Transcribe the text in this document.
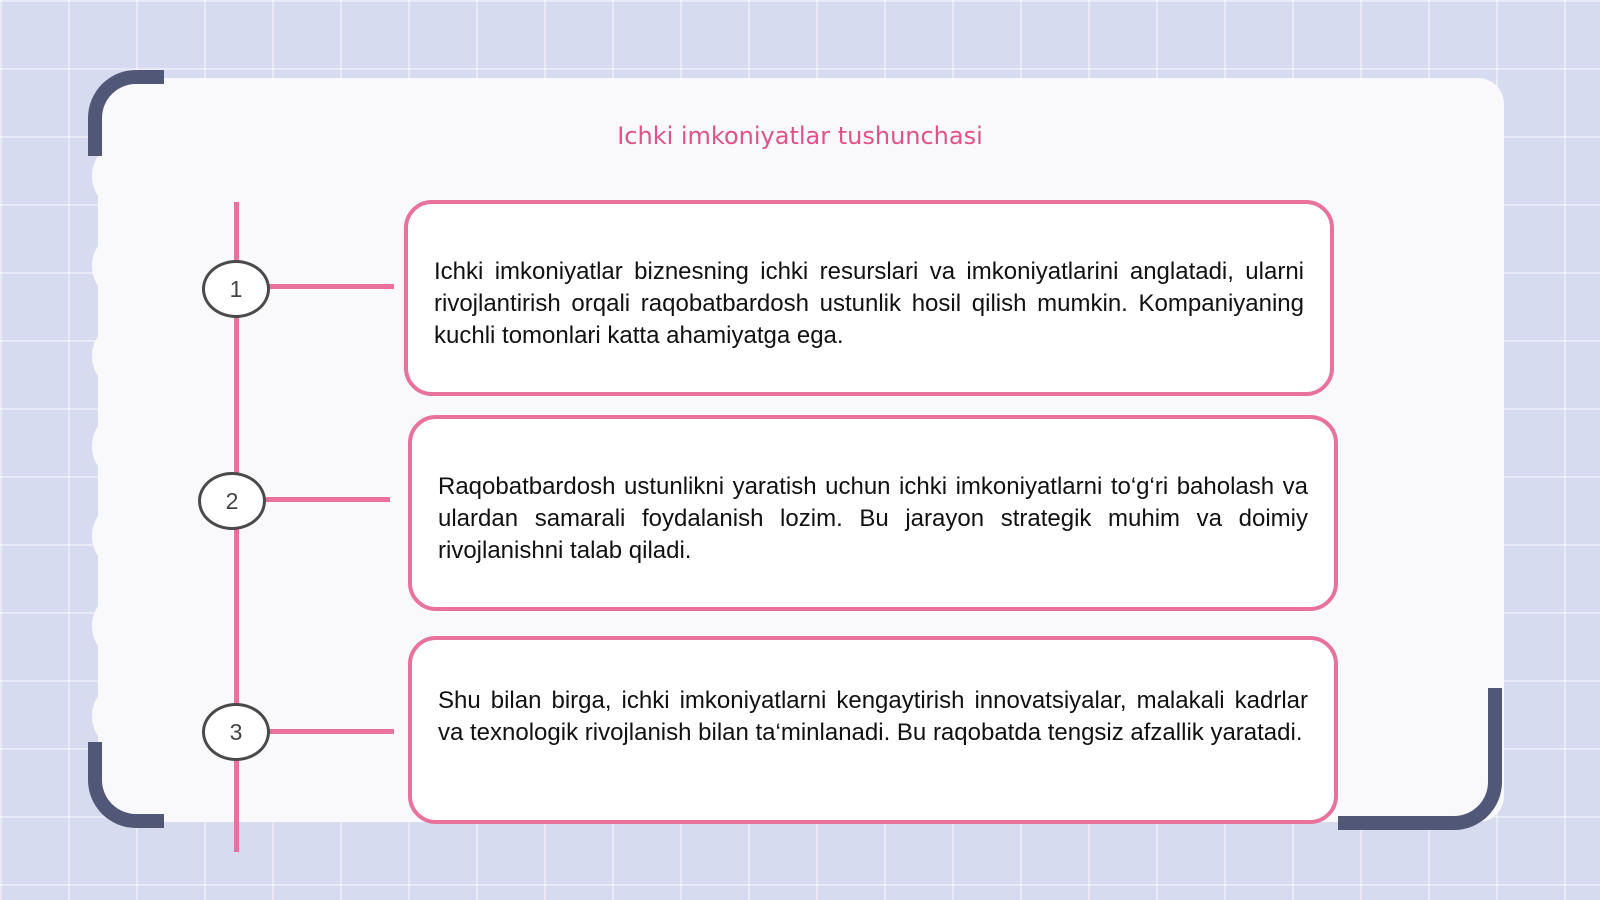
Ichki imkoniyatlar tushunchasi
1
2
3

Ichki imkoniyatlar biznesning ichki resurslari va imkoniyatlarini anglatadi, ularni rivojlantirish orqali raqobatbardosh ustunlik hosil qilish mumkin. Kompaniyaning kuchli tomonlari katta ahamiyatga ega.

Raqobatbardosh ustunlikni yaratish uchun ichki imkoniyatlarni to‘g‘ri baholash va ulardan samarali foydalanish lozim. Bu jarayon strategik muhim va doimiy rivojlanishni talab qiladi.

Shu bilan birga, ichki imkoniyatlarni kengaytirish innovatsiyalar, malakali kadrlar va texnologik rivojlanish bilan ta‘minlanadi. Bu raqobatda tengsiz afzallik yaratadi.
